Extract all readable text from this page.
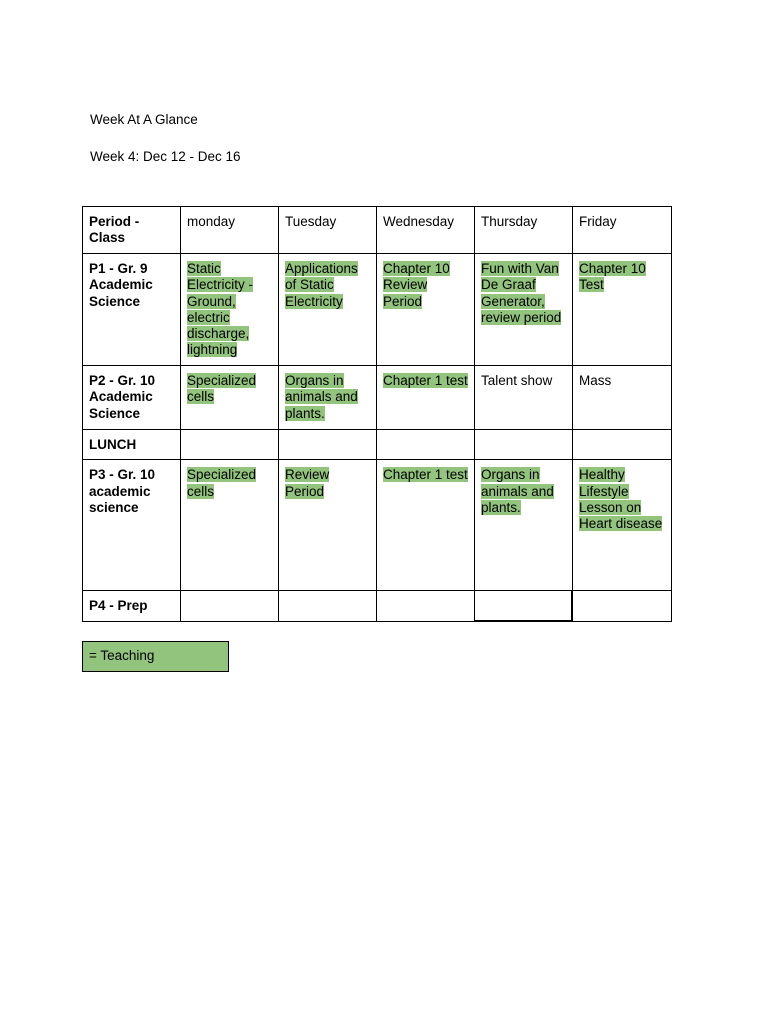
Week At A Glance
Week 4: Dec 12 - Dec 16
Period - Class	monday	Tuesday	Wednesday	Thursday	Friday
P1 - Gr. 9 Academic Science	Static Electricity - Ground, electric discharge, lightning	Applications of Static Electricity	Chapter 10 Review Period	Fun with Van De Graaf Generator, review period	Chapter 10 Test
P2 - Gr. 10 Academic Science	Specialized cells	Organs in animals and plants.	Chapter 1 test	Talent show	Mass
LUNCH					
P3 - Gr. 10 academic science	Specialized cells	Review Period	Chapter 1 test	Organs in animals and plants.	Healthy Lifestyle Lesson on Heart disease
P4 - Prep					
= Teaching
